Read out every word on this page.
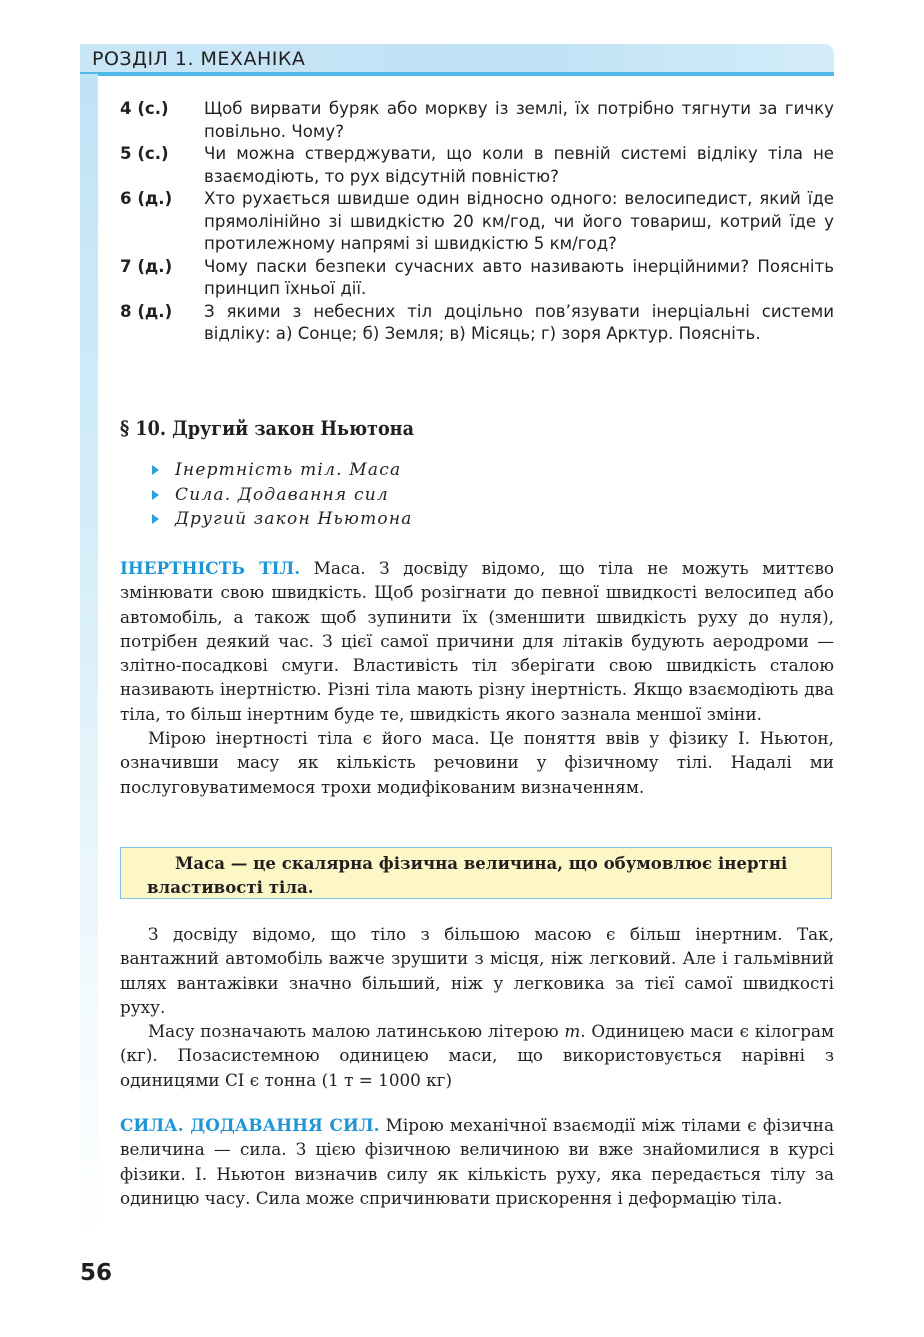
РОЗДІЛ 1. МЕХАНІКА
4 (с.)	Щоб вирвати буряк або моркву із землі, їх потрібно тягнути за гичку повільно. Чому?
5 (с.)	Чи можна стверджувати, що коли в певній системі відліку тіла не взаємодіють, то рух відсутній повністю?
6 (д.)	Хто рухається швидше один відносно одного: велосипедист, який їде прямолінійно зі швидкістю 20 км/год, чи його товариш, котрий їде у протилежному напрямі зі швидкістю 5 км/год?
7 (д.)	Чому паски безпеки сучасних авто називають інерційними? Поясніть принцип їхньої дії.
8 (д.)	З якими з небесних тіл доцільно пов’язувати інерціальні системи відліку: а) Сонце; б) Земля; в) Місяць; г) зоря Арктур. Поясніть.
§ 10. Другий закон Ньютона
Інертність тіл. Маса
Сила. Додавання сил
Другий закон Ньютона

ІНЕРТНІСТЬ ТІЛ. Маса. З досвіду відомо, що тіла не можуть миттєво змінювати свою швидкість. Щоб розігнати до певної швидкості велосипед або автомобіль, а також щоб зупинити їх (зменшити швидкість руху до нуля), потрібен деякий час. З цієї самої причини для літаків будують аеродроми — злітно-посадкові смуги. Властивість тіл зберігати свою швидкість сталою називають інертністю. Різні тіла мають різну інертність. Якщо взаємодіють два тіла, то більш інертним буде те, швидкість якого зазнала меншої зміни.

Мірою інертності тіла є його маса. Це поняття ввів у фізику І. Ньютон, означивши масу як кількість речовини у фізичному тілі. Надалі ми послуговуватимемося трохи модифікованим визначенням.

Маса — це скалярна фізична величина, що обумовлює інертні
властивості тіла.

З досвіду відомо, що тіло з більшою масою є більш інертним. Так, вантажний автомобіль важче зрушити з місця, ніж легковий. Але і гальмівний шлях вантажівки значно більший, ніж у легковика за тієї самої швидкості руху.

Масу позначають малою латинською літерою m. Одиницею маси є кілограм (кг). Позасистемною одиницею маси, що використовується нарівні з одиницями СІ є тонна (1 т = 1000 кг)

СИЛА. ДОДАВАННЯ СИЛ. Мірою механічної взаємодії між тілами є фізична величина — сила. З цією фізичною величиною ви вже знайомилися в курсі фізики. І. Ньютон визначив силу як кількість руху, яка передається тілу за одиницю часу. Сила може спричинювати прискорення і деформацію тіла.

56
